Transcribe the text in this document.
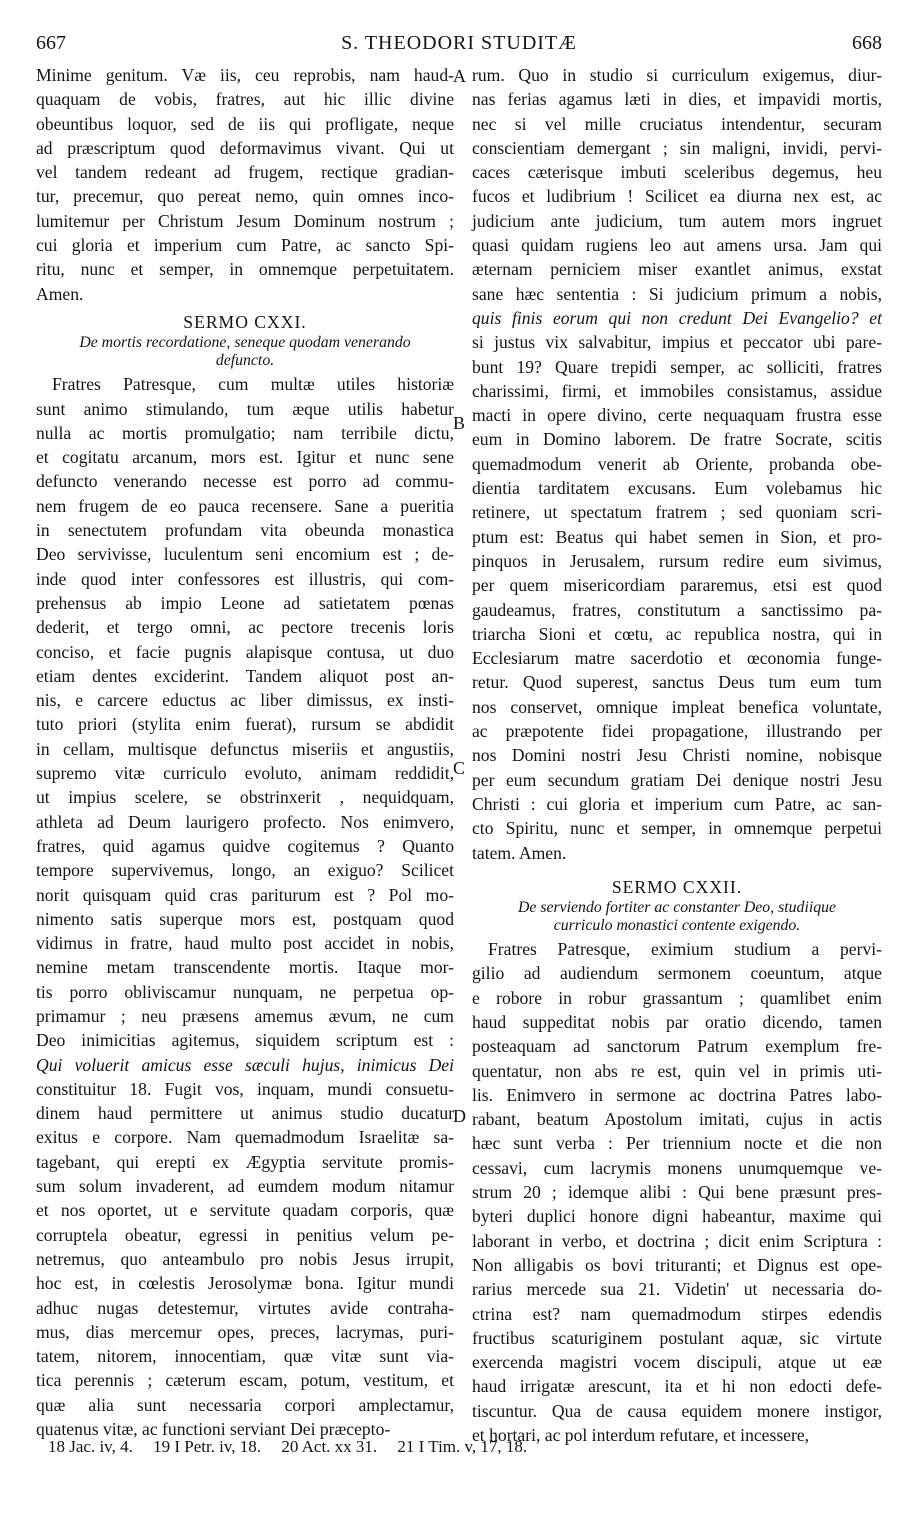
667	S. THEODORI STUDITÆ	668
A
B
C
D
Minime genitum. Væ iis, ceu reprobis, nam haud-
quaquam de vobis, fratres, aut hic illic divine
obeuntibus loquor, sed de iis qui profligate, neque
ad præscriptum quod deformavimus vivant. Qui ut
vel tandem redeant ad frugem, rectique gradian-
tur, precemur, quo pereat nemo, quin omnes inco-
lumitemur per Christum Jesum Dominum nostrum ;
cui gloria et imperium cum Patre, ac sancto Spi-
ritu, nunc et semper, in omnemque perpetuitatem.
Amen.
SERMO CXXI.
De mortis recordatione, seneque quodam venerando
defuncto.
Fratres Patresque, cum multæ utiles historiæ
sunt animo stimulando, tum æque utilis habetur
nulla ac mortis promulgatio; nam terribile dictu,
et cogitatu arcanum, mors est. Igitur et nunc sene
defuncto venerando necesse est porro ad commu-
nem frugem de eo pauca recensere. Sane a pueritia
in senectutem profundam vita obeunda monastica
Deo servivisse, luculentum seni encomium est ; de-
inde quod inter confessores est illustris, qui com-
prehensus ab impio Leone ad satietatem pœnas
dederit, et tergo omni, ac pectore trecenis loris
conciso, et facie pugnis alapisque contusa, ut duo
etiam dentes exciderint. Tandem aliquot post an-
nis, e carcere eductus ac liber dimissus, ex insti-
tuto priori (stylita enim fuerat), rursum se abdidit
in cellam, multisque defunctus miseriis et angustiis,
supremo vitæ curriculo evoluto, animam reddidit,
ut impius scelere, se obstrinxerit , nequidquam,
athleta ad Deum laurigero profecto. Nos enimvero,
fratres, quid agamus quidve cogitemus ? Quanto
tempore supervivemus, longo, an exiguo? Scilicet
norit quisquam quid cras pariturum est ? Pol mo-
nimento satis superque mors est, postquam quod
vidimus in fratre, haud multo post accidet in nobis,
nemine metam transcendente mortis. Itaque mor-
tis porro obliviscamur nunquam, ne perpetua op-
primamur ; neu præsens amemus ævum, ne cum
Deo inimicitias agitemus, siquidem scriptum est :
Qui voluerit amicus esse sæculi hujus, inimicus Dei
constituitur 18. Fugit vos, inquam, mundi consuetu-
dinem haud permittere ut animus studio ducatur
exitus e corpore. Nam quemadmodum Israelitæ sa-
tagebant, qui erepti ex Ægyptia servitute promis-
sum solum invaderent, ad eumdem modum nitamur
et nos oportet, ut e servitute quadam corporis, quæ
corruptela obeatur, egressi in penitius velum pe-
netremus, quo anteambulo pro nobis Jesus irrupit,
hoc est, in cœlestis Jerosolymæ bona. Igitur mundi
adhuc nugas detestemur, virtutes avide contraha-
mus, dias mercemur opes, preces, lacrymas, puri-
tatem, nitorem, innocentiam, quæ vitæ sunt via-
tica perennis ; cæterum escam, potum, vestitum, et
quæ alia sunt necessaria corpori amplectamur,
quatenus vitæ, ac functioni serviant Dei præcepto-
rum. Quo in studio si curriculum exigemus, diur-
nas ferias agamus læti in dies, et impavidi mortis,
nec si vel mille cruciatus intendentur, securam
conscientiam demergant ; sin maligni, invidi, pervi-
caces cæterisque imbuti sceleribus degemus, heu
fucos et ludibrium ! Scilicet ea diurna nex est, ac
judicium ante judicium, tum autem mors ingruet
quasi quidam rugiens leo aut amens ursa. Jam qui
æternam perniciem miser exantlet animus, exstat
sane hæc sententia : Si judicium primum a nobis,
quis finis eorum qui non credunt Dei Evangelio? et
si justus vix salvabitur, impius et peccator ubi pare-
bunt 19? Quare trepidi semper, ac solliciti, fratres
charissimi, firmi, et immobiles consistamus, assidue
macti in opere divino, certe nequaquam frustra esse
eum in Domino laborem. De fratre Socrate, scitis
quemadmodum venerit ab Oriente, probanda obe-
dientia tarditatem excusans. Eum volebamus hic
retinere, ut spectatum fratrem ; sed quoniam scri-
ptum est: Beatus qui habet semen in Sion, et pro-
pinquos in Jerusalem, rursum redire eum sivimus,
per quem misericordiam pararemus, etsi est quod
gaudeamus, fratres, constitutum a sanctissimo pa-
triarcha Sioni et cœtu, ac republica nostra, qui in
Ecclesiarum matre sacerdotio et œconomia funge-
retur. Quod superest, sanctus Deus tum eum tum
nos conservet, omnique impleat benefica voluntate,
ac præpotente fidei propagatione, illustrando per
nos Domini nostri Jesu Christi nomine, nobisque
per eum secundum gratiam Dei denique nostri Jesu
Christi : cui gloria et imperium cum Patre, ac san-
cto Spiritu, nunc et semper, in omnemque perpetui
tatem. Amen.
SERMO CXXII.
De serviendo fortiter ac constanter Deo, studiique
curriculo monastici contente exigendo.
Fratres Patresque, eximium studium a pervi-
gilio ad audiendum sermonem coeuntum, atque
e robore in robur grassantum ; quamlibet enim
haud suppeditat nobis par oratio dicendo, tamen
posteaquam ad sanctorum Patrum exemplum fre-
quentatur, non abs re est, quin vel in primis uti-
lis. Enimvero in sermone ac doctrina Patres labo-
rabant, beatum Apostolum imitati, cujus in actis
hæc sunt verba : Per triennium nocte et die non
cessavi, cum lacrymis monens unumquemque ve-
strum 20 ; idemque alibi : Qui bene præsunt pres-
byteri duplici honore digni habeantur, maxime qui
laborant in verbo, et doctrina ; dicit enim Scriptura :
Non alligabis os bovi trituranti; et Dignus est ope-
rarius mercede sua 21. Videtin' ut necessaria do-
ctrina est? nam quemadmodum stirpes edendis
fructibus scaturiginem postulant aquæ, sic virtute
exercenda magistri vocem discipuli, atque ut eæ
haud irrigatæ arescunt, ita et hi non edocti defe-
tiscuntur. Qua de causa equidem monere instigor,
et hortari, ac pol interdum refutare, et incessere,
18 Jac. iv, 4. 19 I Petr. iv, 18. 20 Act. xx 31. 21 I Tim. v, 17, 18.
